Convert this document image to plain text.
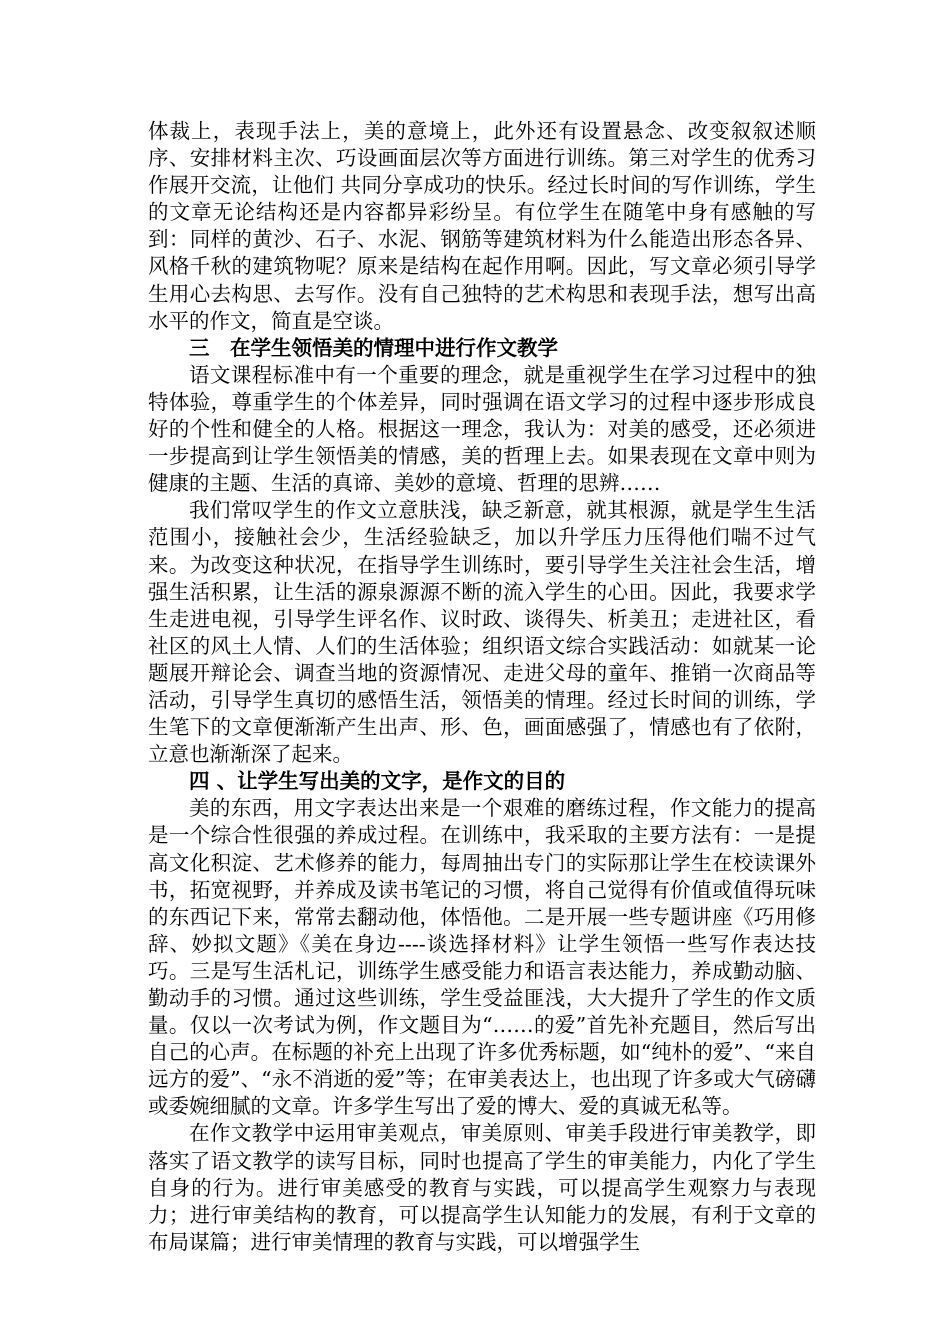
体裁上，表现手法上，美的意境上，此外还有设置悬念、改变叙叙述顺序、安排材料主次、巧设画面层次等方面进行训练。第三对学生的优秀习作展开交流，让他们 共同分享成功的快乐。经过长时间的写作训练，学生的文章无论结构还是内容都异彩纷呈。有位学生在随笔中身有感触的写到：同样的黄沙、石子、水泥、钢筋等建筑材料为什么能造出形态各异、风格千秋的建筑物呢？原来是结构在起作用啊。因此，写文章必须引导学生用心去构思、去写作。没有自己独特的艺术构思和表现手法，想写出高水平的作文，简直是空谈。

三　在学生领悟美的情理中进行作文教学

语文课程标准中有一个重要的理念，就是重视学生在学习过程中的独特体验，尊重学生的个体差异，同时强调在语文学习的过程中逐步形成良好的个性和健全的人格。根据这一理念，我认为：对美的感受，还必须进一步提高到让学生领悟美的情感，美的哲理上去。如果表现在文章中则为健康的主题、生活的真谛、美妙的意境、哲理的思辨……

我们常叹学生的作文立意肤浅，缺乏新意，就其根源，就是学生生活范围小，接触社会少，生活经验缺乏，加以升学压力压得他们喘不过气来。为改变这种状况，在指导学生训练时，要引导学生关注社会生活，增强生活积累，让生活的源泉源源不断的流入学生的心田。因此，我要求学生走进电视，引导学生评名作、议时政、谈得失、析美丑；走进社区，看社区的风土人情、人们的生活体验；组织语文综合实践活动：如就某一论题展开辩论会、调查当地的资源情况、走进父母的童年、推销一次商品等活动，引导学生真切的感悟生活，领悟美的情理。经过长时间的训练，学生笔下的文章便渐渐产生出声、形、色，画面感强了，情感也有了依附，立意也渐渐深了起来。

四 、让学生写出美的文字，是作文的目的

美的东西，用文字表达出来是一个艰难的磨练过程，作文能力的提高是一个综合性很强的养成过程。在训练中，我采取的主要方法有：一是提高文化积淀、艺术修养的能力，每周抽出专门的实际那让学生在校读课外书，拓宽视野，并养成及读书笔记的习惯，将自己觉得有价值或值得玩味的东西记下来，常常去翻动他，体悟他。二是开展一些专题讲座《巧用修辞、妙拟文题》《美在身边----谈选择材料》让学生领悟一些写作表达技巧。三是写生活札记，训练学生感受能力和语言表达能力，养成勤动脑、勤动手的习惯。通过这些训练，学生受益匪浅，大大提升了学生的作文质量。仅以一次考试为例，作文题目为“……的爱”首先补充题目，然后写出自己的心声。在标题的补充上出现了许多优秀标题，如“纯朴的爱”、“来自远方的爱”、“永不消逝的爱”等；在审美表达上，也出现了许多或大气磅礴或委婉细腻的文章。许多学生写出了爱的博大、爱的真诚无私等。

在作文教学中运用审美观点，审美原则、审美手段进行审美教学，即落实了语文教学的读写目标，同时也提高了学生的审美能力，内化了学生自身的行为。进行审美感受的教育与实践，可以提高学生观察力与表现力；进行审美结构的教育，可以提高学生认知能力的发展，有利于文章的布局谋篇；进行审美情理的教育与实践，可以增强学生
